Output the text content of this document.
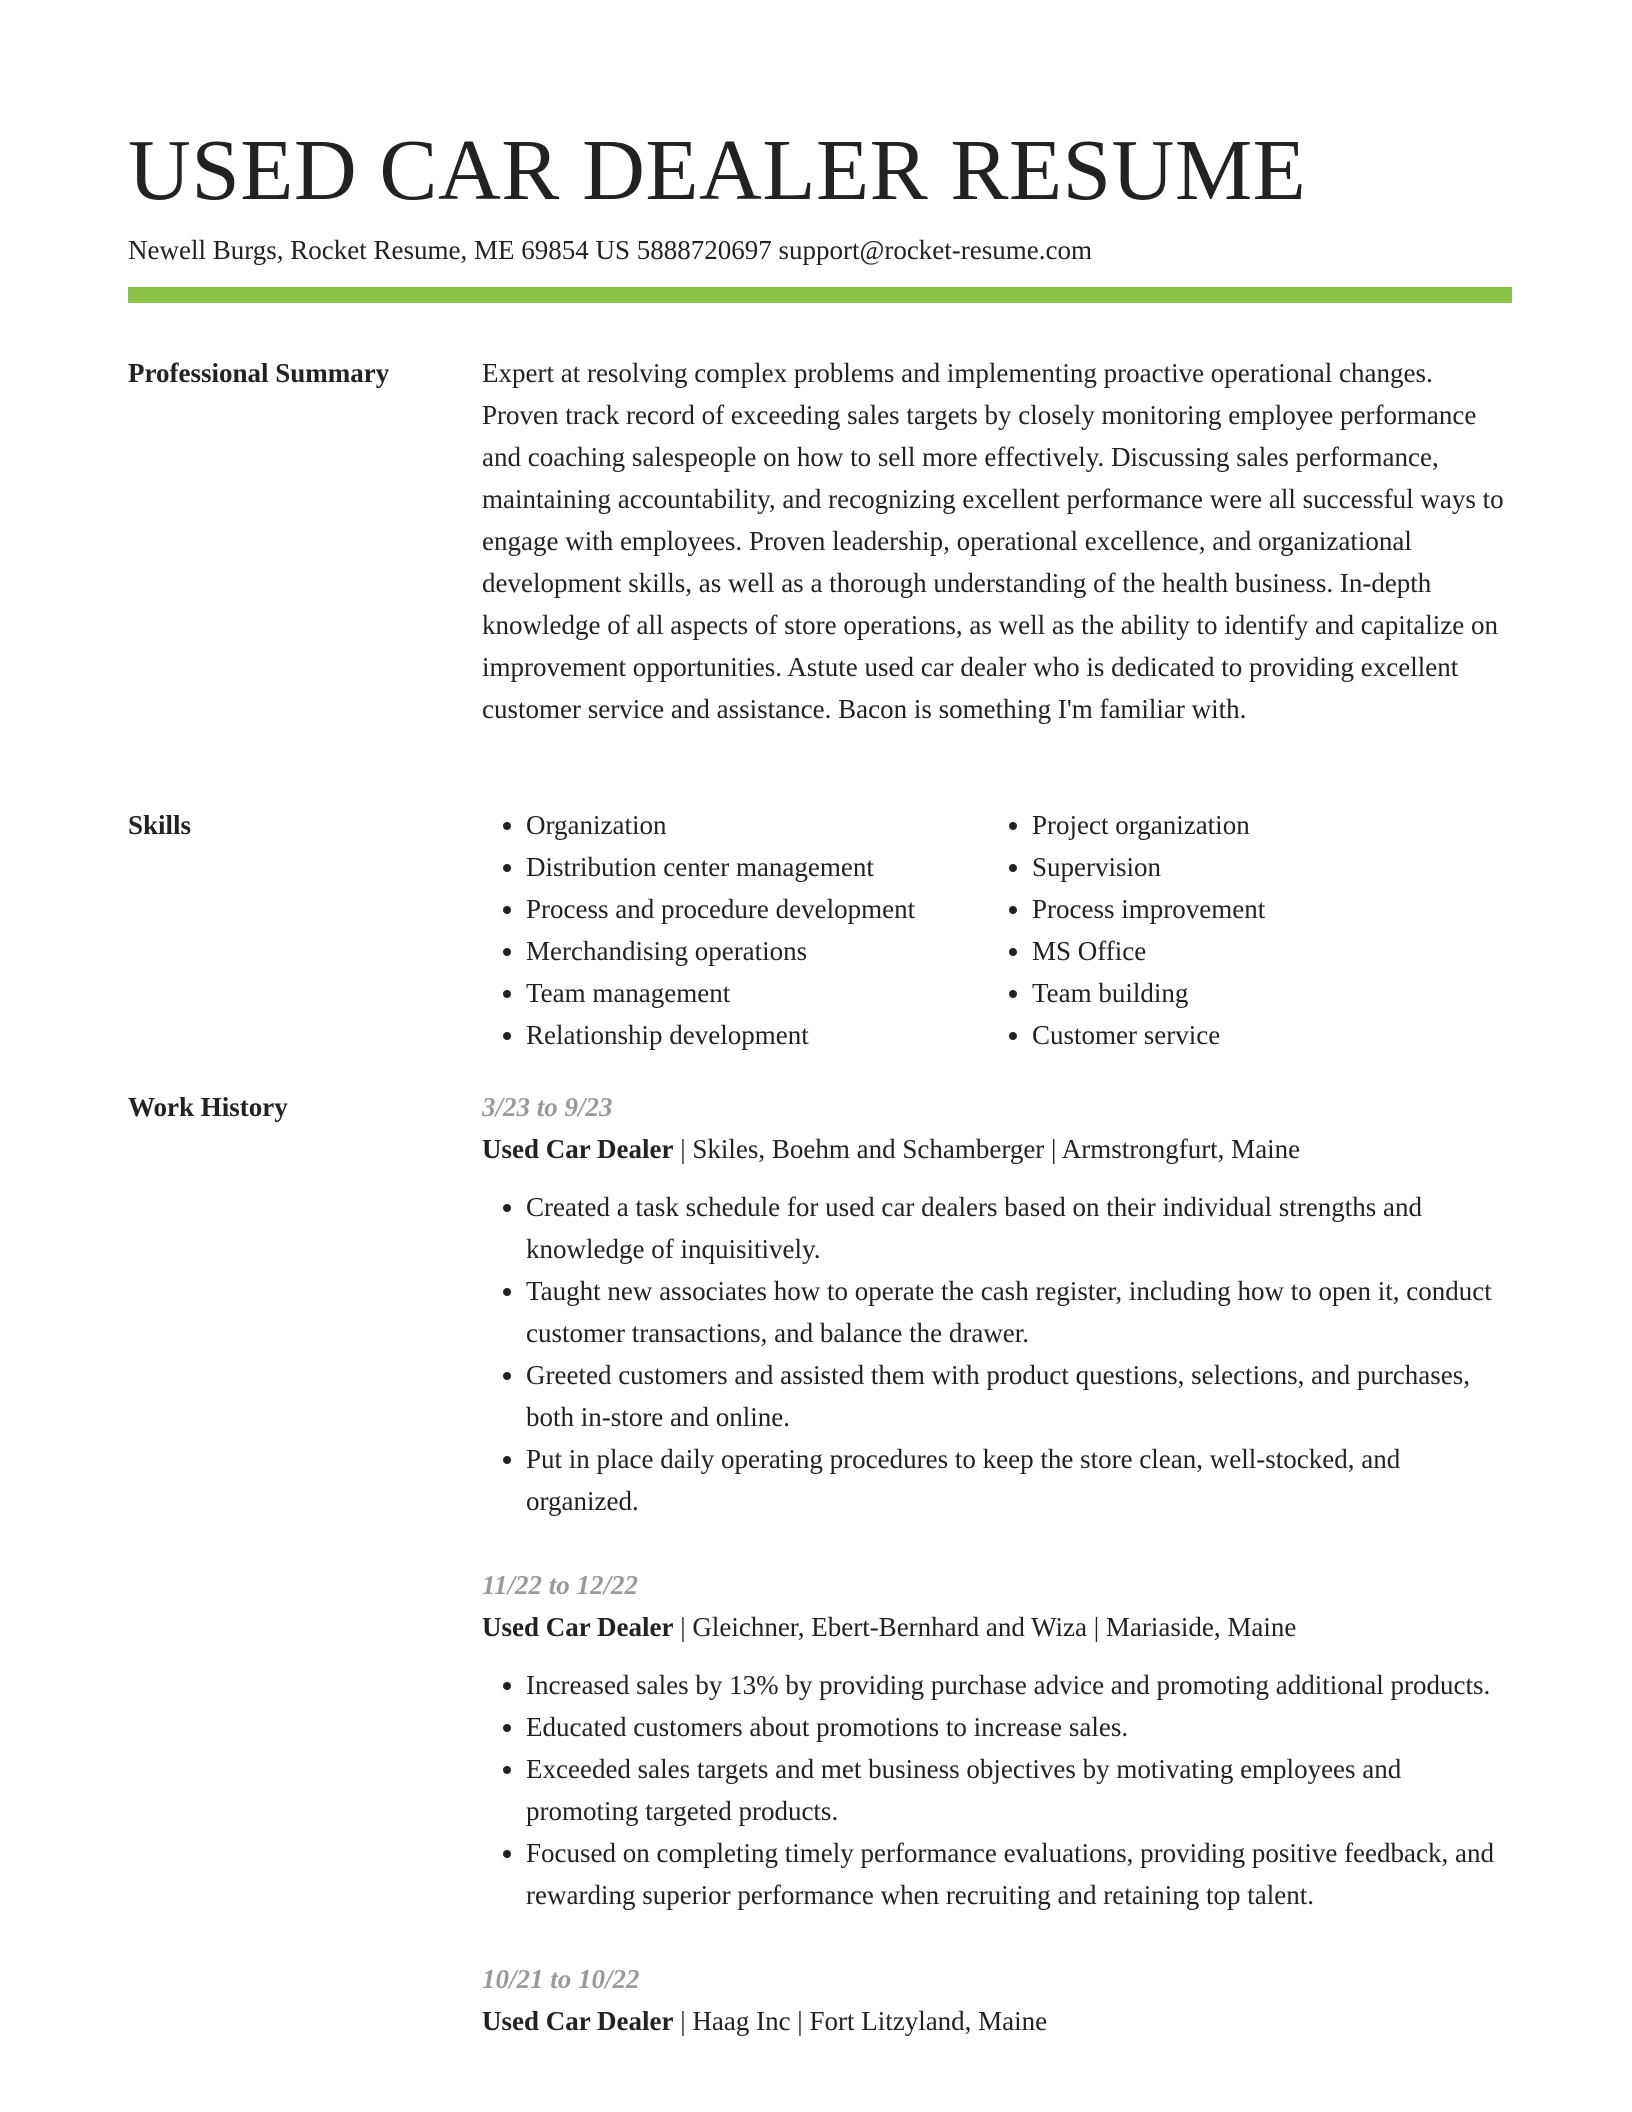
USED CAR DEALER RESUME
Newell Burgs, Rocket Resume, ME 69854 US 5888720697 support@rocket-resume.com
Professional Summary	Expert at resolving complex problems and implementing proactive operational changes. Proven track record of exceeding sales targets by closely monitoring employee performance and coaching salespeople on how to sell more effectively. Discussing sales performance, maintaining accountability, and recognizing excellent performance were all successful ways to engage with employees. Proven leadership, operational excellence, and organizational development skills, as well as a thorough understanding of the health business. In-depth knowledge of all aspects of store operations, as well as the ability to identify and capitalize on improvement opportunities. Astute used car dealer who is dedicated to providing excellent customer service and assistance. Bacon is something I'm familiar with.

Skills
•	Organization
• Distribution center management
• Process and procedure development
• Merchandising operations
• Team management
• Relationship development
• Project organization
• Supervision
• Process improvement
• MS Office
• Team building
• Customer service
Work History	3/23 to 9/23
Used Car Dealer | Skiles, Boehm and Schamberger | Armstrongfurt, Maine
• Created a task schedule for used car dealers based on their individual strengths and knowledge of inquisitively.
• Taught new associates how to operate the cash register, including how to open it, conduct customer transactions, and balance the drawer.
• Greeted customers and assisted them with product questions, selections, and purchases, both in-store and online.
• Put in place daily operating procedures to keep the store clean, well-stocked, and organized.
11/22 to 12/22
Used Car Dealer | Gleichner, Ebert-Bernhard and Wiza | Mariaside, Maine
• Increased sales by 13% by providing purchase advice and promoting additional products.
• Educated customers about promotions to increase sales.
• Exceeded sales targets and met business objectives by motivating employees and promoting targeted products.
• Focused on completing timely performance evaluations, providing positive feedback, and rewarding superior performance when recruiting and retaining top talent.
10/21 to 10/22
Used Car Dealer | Haag Inc | Fort Litzyland, Maine
